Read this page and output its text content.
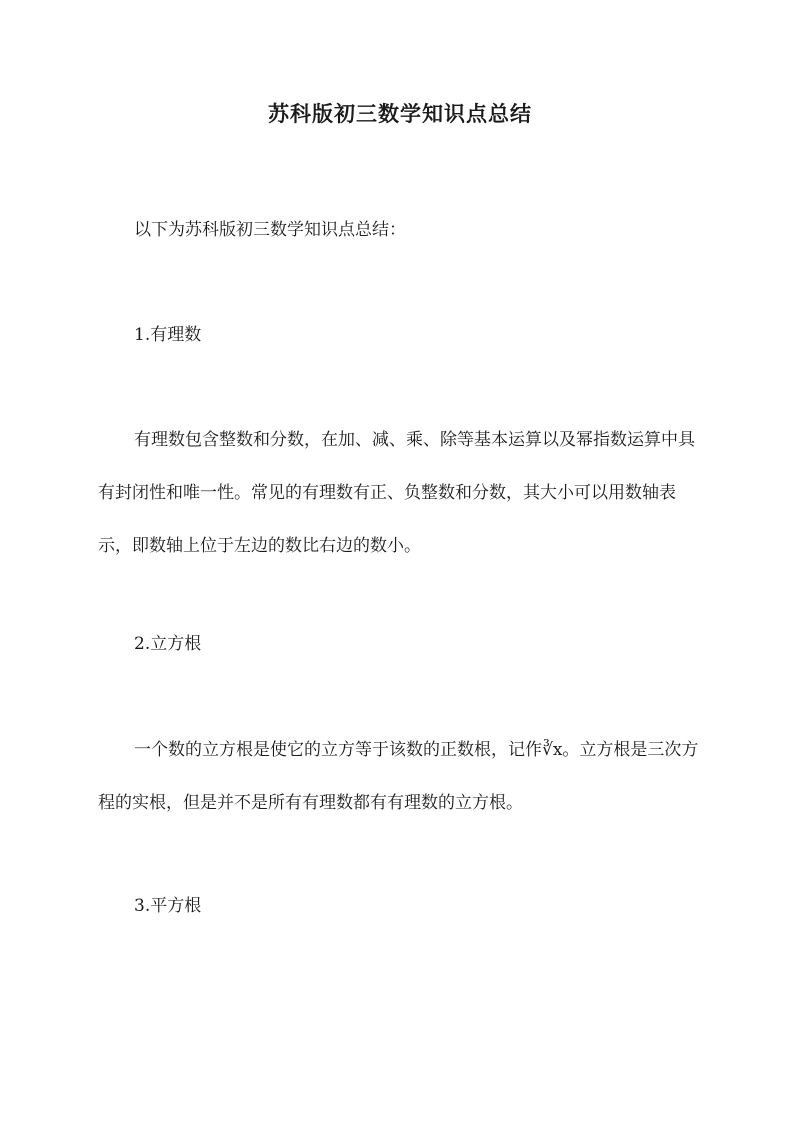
苏科版初三数学知识点总结

以下为苏科版初三数学知识点总结：

1.有理数

有理数包含整数和分数，在加、减、乘、除等基本运算以及幂指数运算中具有封闭性和唯一性。常见的有理数有正、负整数和分数，其大小可以用数轴表示，即数轴上位于左边的数比右边的数小。

2.立方根

一个数的立方根是使它的立方等于该数的正数根，记作∛x。立方根是三次方程的实根，但是并不是所有有理数都有有理数的立方根。

3.平方根
